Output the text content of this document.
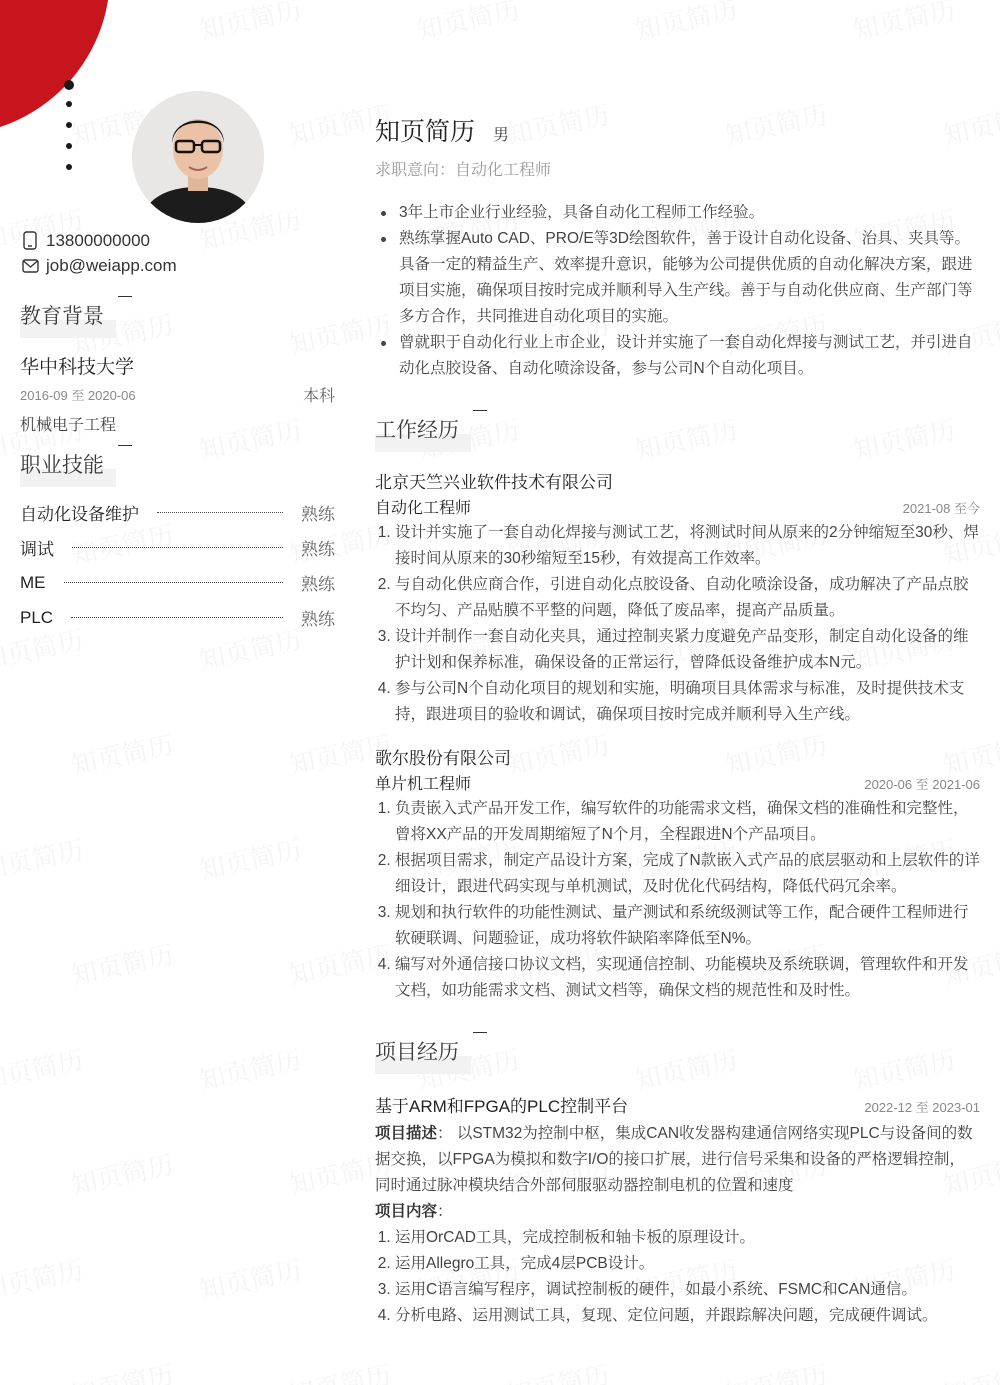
13800000000
job@weiapp.com
教育背景
华中科技大学
2016-09 至 2020-06	本科
机械电子工程
职业技能
自动化设备维护	熟练
调试	熟练
ME	熟练
PLC	熟练
知页简历 男
求职意向：自动化工程师
3年上市企业行业经验，具备自动化工程师工作经验。
熟练掌握Auto CAD、PRO/E等3D绘图软件，善于设计自动化设备、治具、夹具等。具备一定的精益生产、效率提升意识，能够为公司提供优质的自动化解决方案，跟进项目实施，确保项目按时完成并顺利导入生产线。善于与自动化供应商、生产部门等多方合作，共同推进自动化项目的实施。
曾就职于自动化行业上市企业，设计并实施了一套自动化焊接与测试工艺，并引进自动化点胶设备、自动化喷涂设备，参与公司N个自动化项目。
工作经历
北京天竺兴业软件技术有限公司
自动化工程师	2021-08 至今
1. 设计并实施了一套自动化焊接与测试工艺，将测试时间从原来的2分钟缩短至30秒、焊接时间从原来的30秒缩短至15秒，有效提高工作效率。
2. 与自动化供应商合作，引进自动化点胶设备、自动化喷涂设备，成功解决了产品点胶不均匀、产品贴膜不平整的问题，降低了废品率，提高产品质量。
3. 设计并制作一套自动化夹具，通过控制夹紧力度避免产品变形，制定自动化设备的维护计划和保养标准，确保设备的正常运行，曾降低设备维护成本N元。
4. 参与公司N个自动化项目的规划和实施，明确项目具体需求与标准，及时提供技术支持，跟进项目的验收和调试，确保项目按时完成并顺利导入生产线。
歌尔股份有限公司
单片机工程师	2020-06 至 2021-06
1. 负责嵌入式产品开发工作，编写软件的功能需求文档，确保文档的准确性和完整性，曾将XX产品的开发周期缩短了N个月，全程跟进N个产品项目。
2. 根据项目需求，制定产品设计方案，完成了N款嵌入式产品的底层驱动和上层软件的详细设计，跟进代码实现与单机测试，及时优化代码结构，降低代码冗余率。
3. 规划和执行软件的功能性测试、量产测试和系统级测试等工作，配合硬件工程师进行软硬联调、问题验证，成功将软件缺陷率降低至N%。
4. 编写对外通信接口协议文档，实现通信控制、功能模块及系统联调，管理软件和开发文档，如功能需求文档、测试文档等，确保文档的规范性和及时性。
项目经历
基于ARM和FPGA的PLC控制平台	2022-12 至 2023-01
项目描述： 以STM32为控制中枢，集成CAN收发器构建通信网络实现PLC与设备间的数据交换，以FPGA为模拟和数字I/O的接口扩展，进行信号采集和设备的严格逻辑控制，同时通过脉冲模块结合外部伺服驱动器控制电机的位置和速度
项目内容：
1. 运用OrCAD工具，完成控制板和轴卡板的原理设计。
2. 运用Allegro工具，完成4层PCB设计。
3. 运用C语言编写程序，调试控制板的硬件，如最小系统、FSMC和CAN通信。
4. 分析电路、运用测试工具，复现、定位问题，并跟踪解决问题，完成硬件调试。
